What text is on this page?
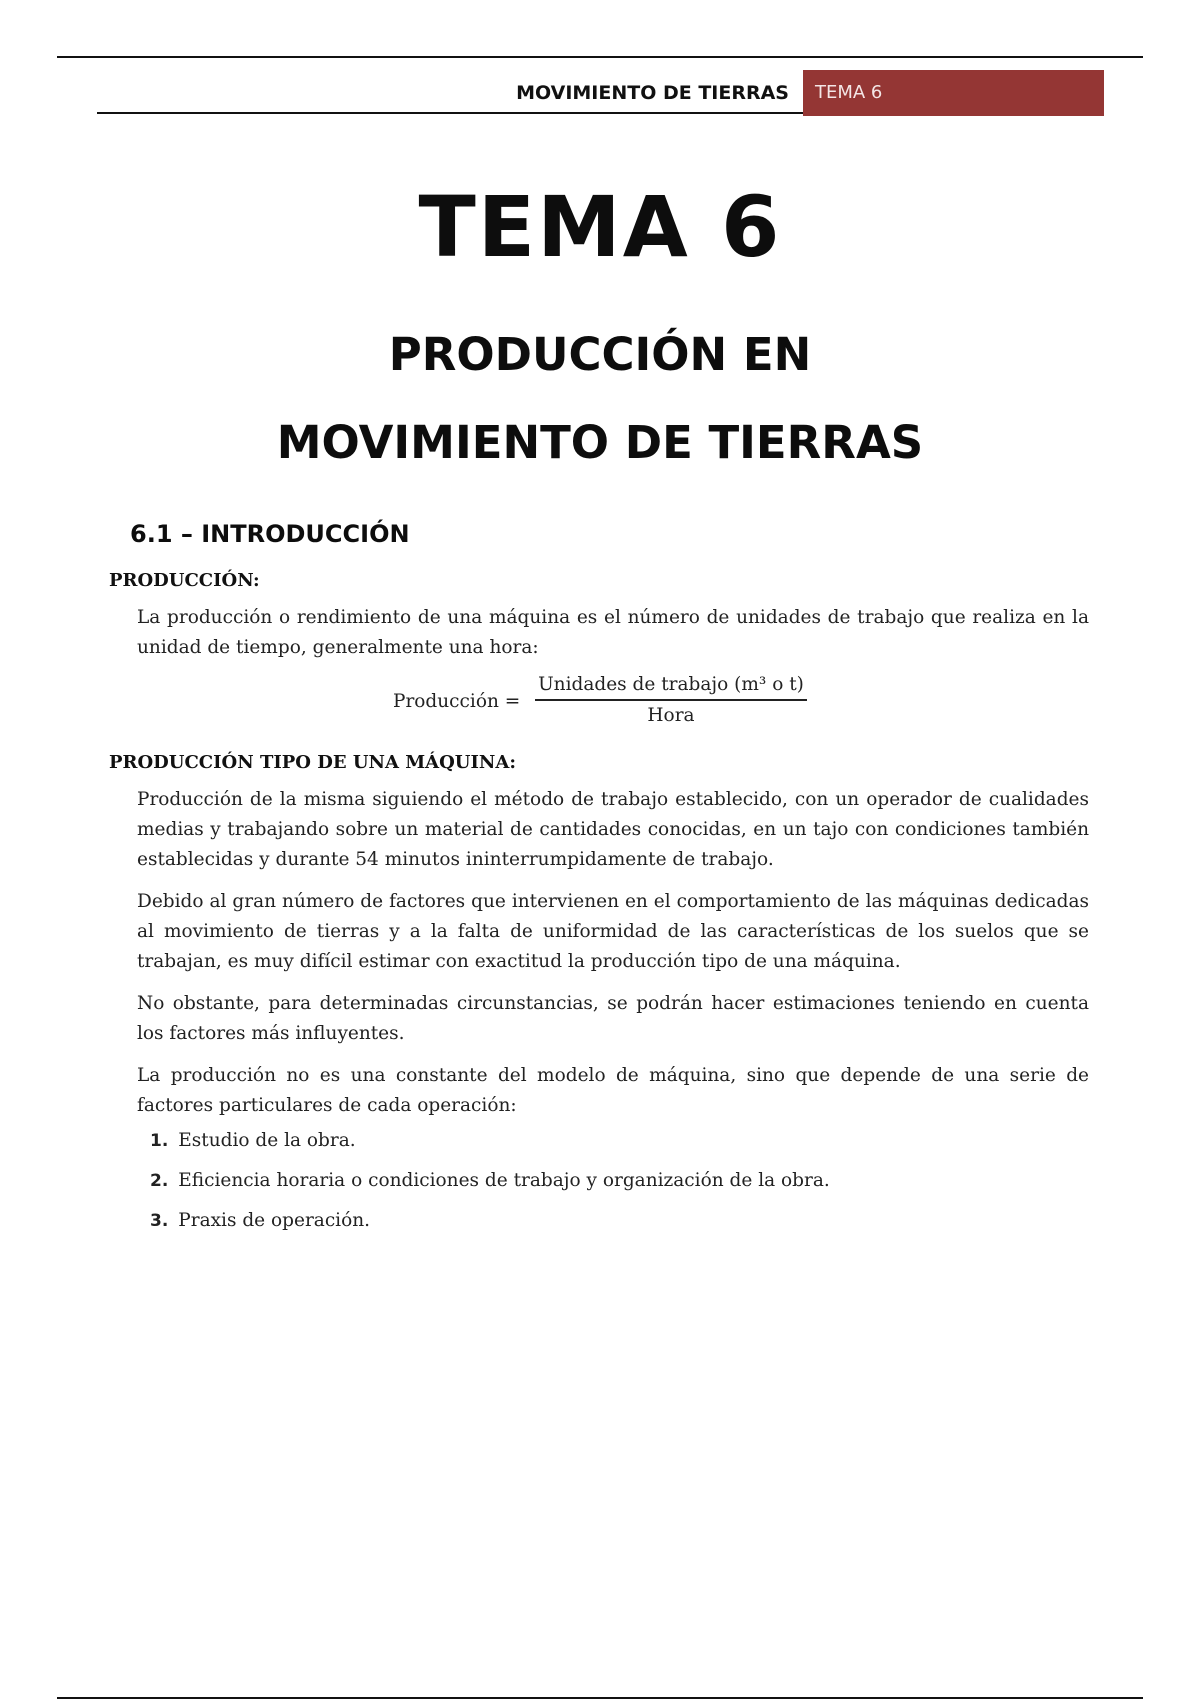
MOVIMIENTO DE TIERRAS	TEMA 6
TEMA 6
PRODUCCIÓN EN
MOVIMIENTO DE TIERRAS
6.1 – INTRODUCCIÓN
PRODUCCIÓN:

La producción o rendimiento de una máquina es el número de unidades de trabajo que realiza en la unidad de tiempo, generalmente una hora:

Producción =
Unidades de trabajo (m³ o t)
Hora
PRODUCCIÓN TIPO DE UNA MÁQUINA:

Producción de la misma siguiendo el método de trabajo establecido, con un operador de cualidades medias y trabajando sobre un material de cantidades conocidas, en un tajo con condiciones también establecidas y durante 54 minutos ininterrumpidamente de trabajo.

Debido al gran número de factores que intervienen en el comportamiento de las máquinas dedicadas al movimiento de tierras y a la falta de uniformidad de las características de los suelos que se trabajan, es muy difícil estimar con exactitud la producción tipo de una máquina.

No obstante, para determinadas circunstancias, se podrán hacer estimaciones teniendo en cuenta los factores más influyentes.

La producción no es una constante del modelo de máquina, sino que depende de una serie de factores particulares de cada operación:

1. Estudio de la obra.
2. Eficiencia horaria o condiciones de trabajo y organización de la obra.
3. Praxis de operación.
